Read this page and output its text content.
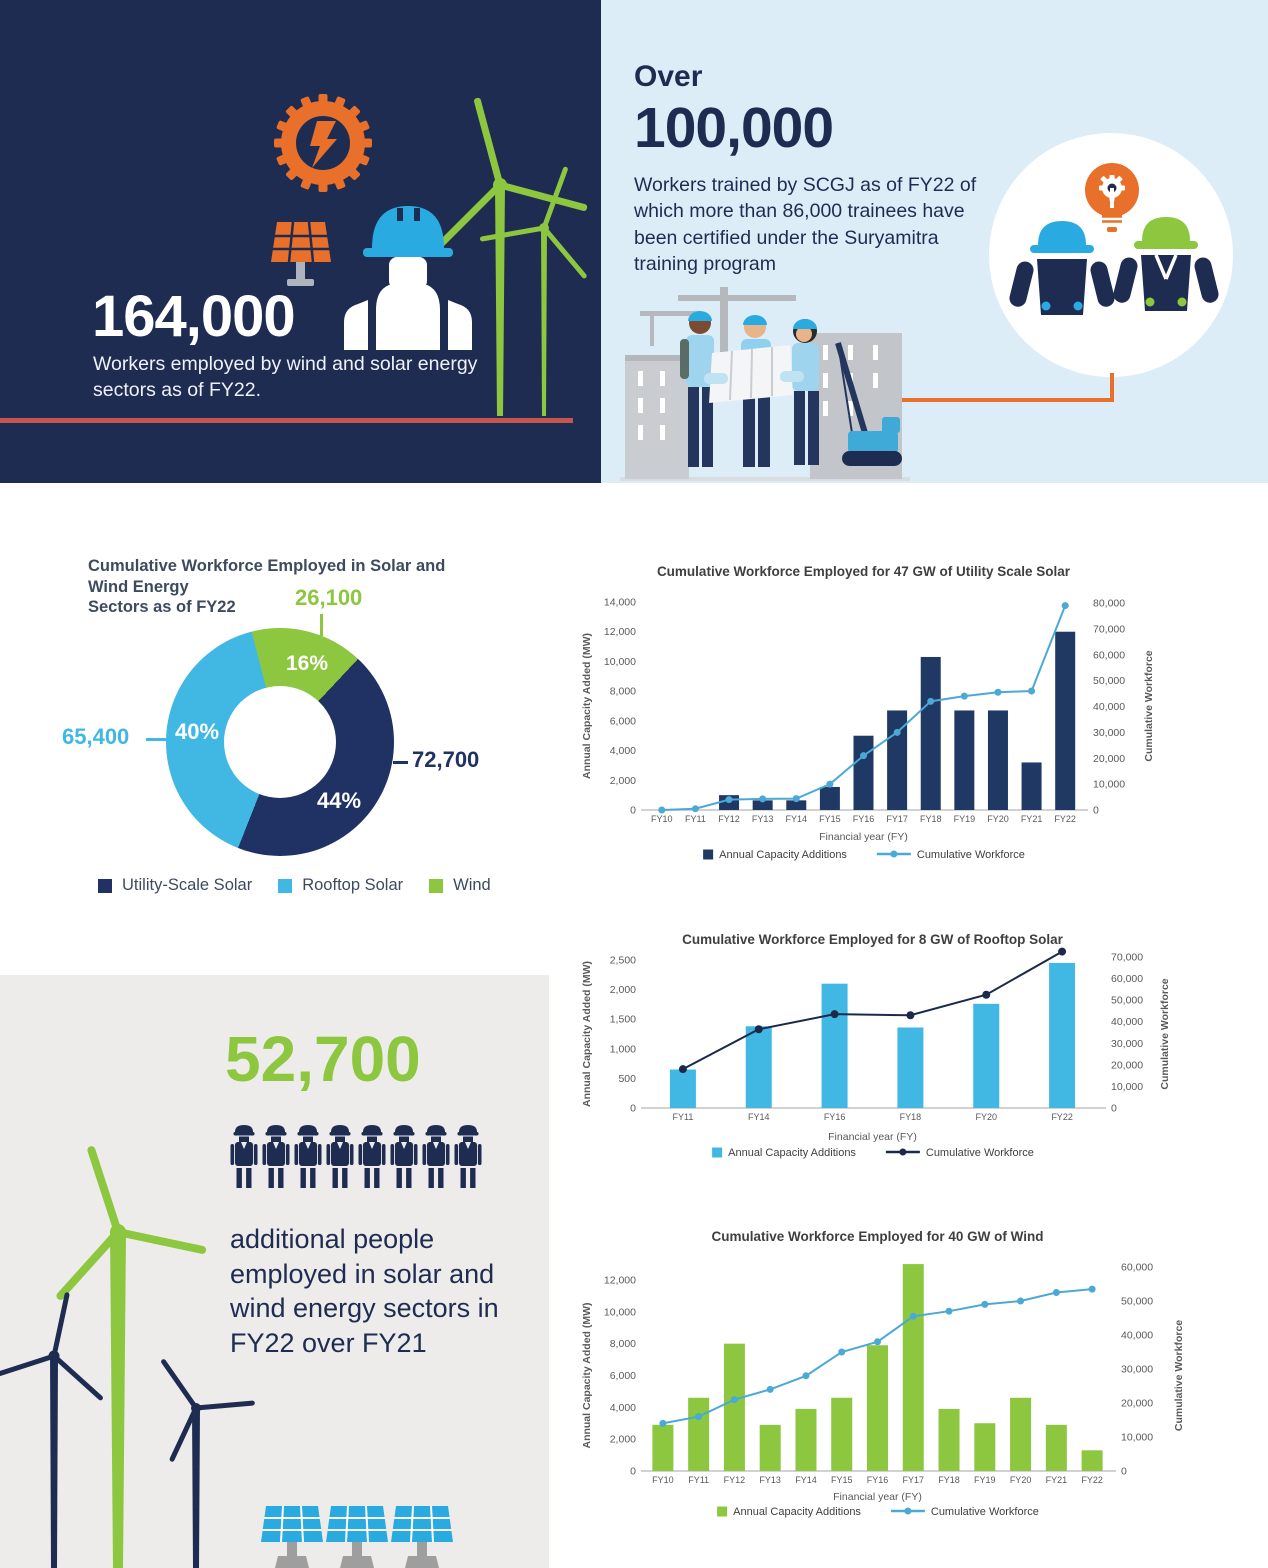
164,000
Workers employed by wind and solar energy sectors as of FY22.
Over
100,000
Workers trained by SCGJ as of FY22 of which more than 86,000 trainees have been certified under the Suryamitra training program
Cumulative Workforce Employed in Solar and Wind Energy
Sectors as of FY22	26,100
16%
65,400 40%
72,700
44%
Utility-Scale Solar	Rooftop Solar	Wind
Cumulative Workforce Employed for 47 GW of Utility Scale Solar
0
2,000
4,000
6,000
8,000
10,000
12,000
14,000
0
10,000
20,000
30,000
40,000
50,000
60,000
70,000
80,000
FY10 FY11 FY12 FY13 FY14 FY15 FY16 FY17 FY18 FY19 FY20 FY21 FY22
Financial year (FY)
Annual Capacity Added (MW)	Cumulative Workforce
Annual Capacity Additions	Cumulative Workforce
Cumulative Workforce Employed for 8 GW of Rooftop Solar
0
500
1,000
1,500
2,000
2,500
0
10,000
20,000
30,000
40,000
50,000
60,000
70,000
FY11	FY14	FY16	FY18	FY20	FY22
Financial year (FY)
Annual Capacity Added (MW)	Cumulative Workforce
Annual Capacity Additions	Cumulative Workforce
Cumulative Workforce Employed for 40 GW of Wind
0
2,000
4,000
6,000
8,000
10,000
12,000
0
10,000
20,000
30,000
40,000
50,000
60,000
FY10 FY11 FY12 FY13 FY14 FY15 FY16 FY17 FY18 FY19 FY20 FY21 FY22
Financial year (FY)
Annual Capacity Added (MW)	Cumulative Workforce
Annual Capacity Additions	Cumulative Workforce
52,700
additional people employed in solar and wind energy sectors in FY22 over FY21
